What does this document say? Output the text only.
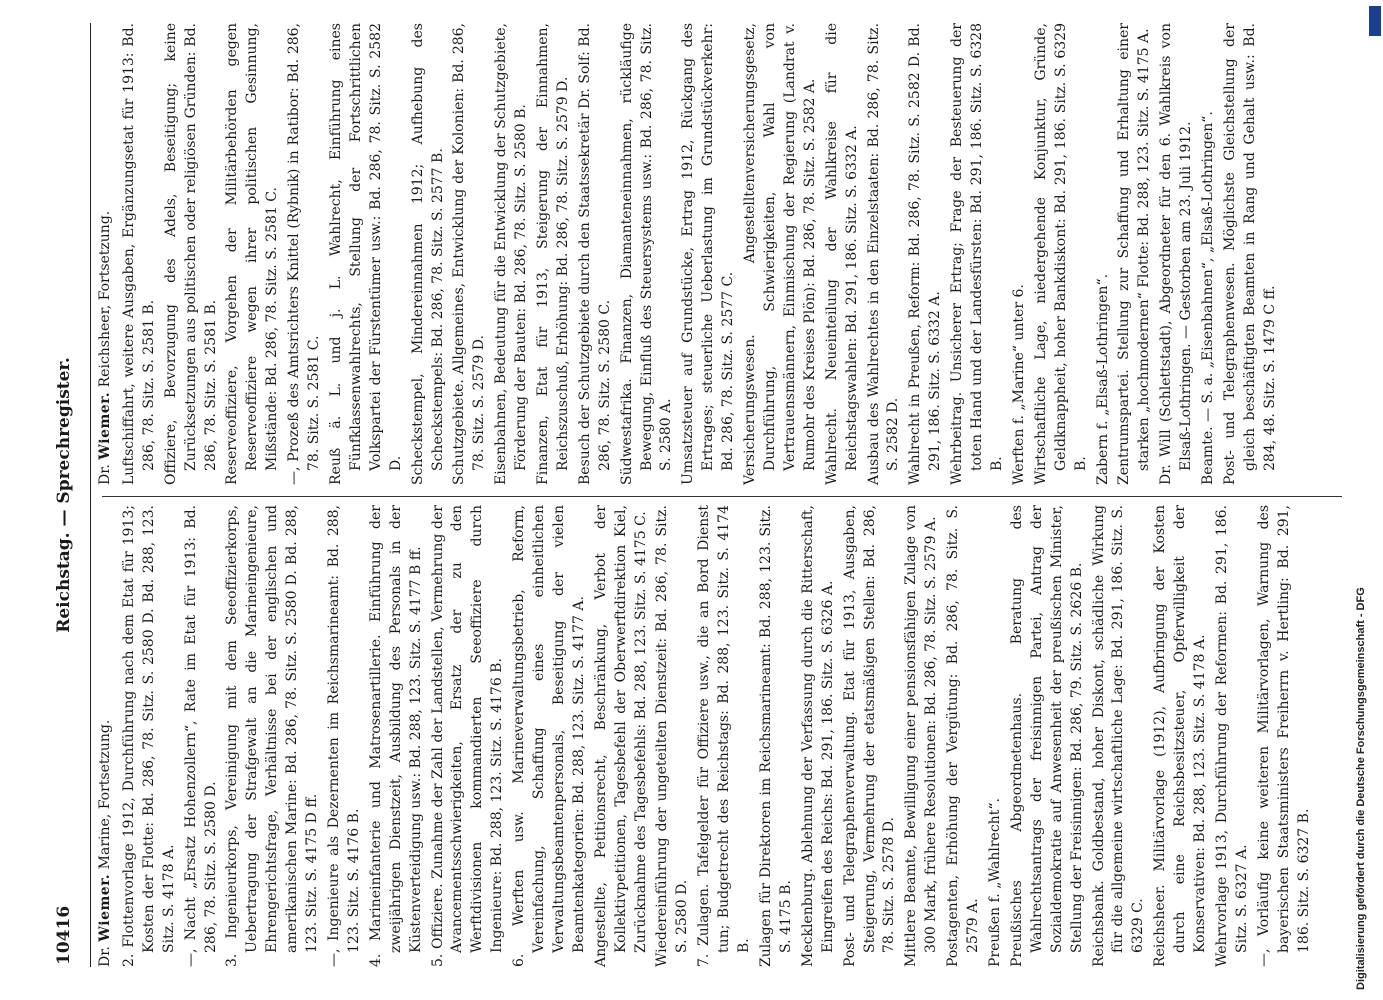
10416
Reichstag. — Sprechregister.
Dr. Wiemer. Marine, Fortsetzung. 2. Flottenvorlage 1912, Durchführung nach dem Etat für 1913; Kosten der Flotte: Bd. 286, 78. Sitz. S. 2580 D. Bd. 288, 123. Sitz. S. 4178 A. —, Nacht „Ersatz Hohenzollern“, Rate im Etat für 1913: Bd. 286, 78. Sitz. S. 2580 D. 3. Ingenieurkorps, Vereinigung mit dem Seeoffizierkorps, Uebertragung der Strafgewalt an die Marineingenieure, Ehrengerichtsfrage, Verhältnisse bei der englischen und amerikanischen Marine: Bd. 286, 78. Sitz. S. 2580 D. Bd. 288, 123. Sitz. S. 4175 D ff. —, Ingenieure als Dezernenten im Reichsmarineamt: Bd. 288, 123. Sitz. S. 4176 B. 4. Marineinfanterie und Matrosenartillerie. Einführung der zweijährigen Dienstzeit, Ausbildung des Personals in der Küstenverteidigung usw.: Bd. 288, 123. Sitz. S. 4177 B ff. 5. Offiziere. Zunahme der Zahl der Landstellen, Vermehrung der Avancementsschwierigkeiten, Ersatz der zu den Werftdivisionen kommandierten Seeoffiziere durch Ingenieure: Bd. 288, 123. Sitz. S. 4176 B. 6. Werften usw. Marineverwaltungsbetrieb, Reform, Vereinfachung, Schaffung eines einheitlichen Verwaltungsbeamtenpersonals, Beseitigung der vielen Beamtenkategorien: Bd. 288, 123. Sitz. S. 4177 A. Angestellte, Petitionsrecht, Beschränkung, Verbot der Kollektivpetitionen, Tagesbefehl der Oberwerftdirektion Kiel, Zurücknahme des Tagesbefehls: Bd. 288, 123. Sitz. S. 4175 C. Wiedereinführung der ungeteilten Dienstzeit: Bd. 286, 78. Sitz. S. 2580 D. 7. Zulagen. Tafelgelder für Offiziere usw., die an Bord Dienst tun; Budgetrecht des Reichstags: Bd. 288, 123. Sitz. S. 4174 B. Zulagen für Direktoren im Reichsmarineamt: Bd. 288, 123. Sitz. S. 4175 B. Mecklenburg. Ablehnung der Verfassung durch die Ritterschaft, Eingreifen des Reichs: Bd. 291, 186. Sitz. S. 6326 A. Post- und Telegraphenverwaltung. Etat für 1913, Ausgaben, Steigerung, Vermehrung der etatsmäßigen Stellen: Bd. 286, 78. Sitz. S. 2578 D. Mittlere Beamte, Bewilligung einer pensionsfähigen Zulage von 300 Mark, frühere Resolutionen: Bd. 286, 78. Sitz. S. 2579 A. Postagenten, Erhöhung der Vergütung: Bd. 286, 78. Sitz. S. 2579 A. Preußen f. „Wahlrecht“. Preußisches Abgeordnetenhaus. Beratung des Wahlrechtsantrags der freisinnigen Partei, Antrag der Sozialdemokratie auf Anwesenheit der preußischen Minister, Stellung der Freisinnigen: Bd. 286, 79. Sitz. S. 2626 B. Reichsbank. Goldbestand, hoher Diskont, schädliche Wirkung für die allgemeine wirtschaftliche Lage: Bd. 291, 186. Sitz. S. 6329 C. Reichsheer. Militärvorlage (1912), Aufbringung der Kosten durch eine Reichsbesitzsteuer, Opferwilligkeit der Konservativen: Bd. 288, 123. Sitz. S. 4178 A. Wehrvorlage 1913, Durchführung der Reformen: Bd. 291, 186. Sitz. S. 6327 A. —, Vorläufig keine weiteren Militärvorlagen, Warnung des bayerischen Staatsministers Freiherrn v. Hertling: Bd. 291, 186. Sitz. S. 6327 B.
Dr. Wiemer. Reichsheer, Fortsetzung. Luftschiffahrt, weitere Ausgaben, Ergänzungsetat für 1913: Bd. 286, 78. Sitz. S. 2581 B. Offiziere, Bevorzugung des Adels, Beseitigung; keine Zurücksetzungen aus politischen oder religiösen Gründen: Bd. 286, 78. Sitz. S. 2581 B. Reserveoffiziere, Vorgehen der Militärbehörden gegen Reserveoffiziere wegen ihrer politischen Gesinnung, Mißstände: Bd. 286, 78. Sitz. S. 2581 C. —, Prozeß des Amtsrichters Knittel (Rybnik) in Ratibor: Bd. 286, 78. Sitz. S. 2581 C. Reuß ä. L. und j. L. Wahlrecht, Einführung eines Fünfklassenwahlrechts, Stellung der Fortschrittlichen Volkspartei der Fürstentümer usw.: Bd. 286, 78. Sitz. S. 2582 D. Scheckstempel, Mindereinnahmen 1912; Aufhebung des Scheckstempels: Bd. 286, 78. Sitz. S. 2577 B. Schutzgebiete. Allgemeines, Entwicklung der Kolonien: Bd. 286, 78. Sitz. S. 2579 D. Eisenbahnen, Bedeutung für die Entwicklung der Schutzgebiete, Förderung der Bauten: Bd. 286, 78. Sitz. S. 2580 B. Finanzen, Etat für 1913, Steigerung der Einnahmen, Reichszuschuß, Erhöhung: Bd. 286, 78. Sitz. S. 2579 D. Besuch der Schutzgebiete durch den Staatssekretär Dr. Solf: Bd. 286, 78. Sitz. S. 2580 C. Südwestafrika. Finanzen, Diamanteneinnahmen, rückläufige Bewegung, Einfluß des Steuersystems usw.: Bd. 286, 78. Sitz. S. 2580 A. Umsatzsteuer auf Grundstücke, Ertrag 1912, Rückgang des Ertrages; steuerliche Ueberlastung im Grundstückverkehr: Bd. 286, 78. Sitz. S. 2577 C. Versicherungswesen. Angestelltenversicherungsgesetz, Durchführung, Schwierigkeiten, Wahl von Vertrauensmännern, Einmischung der Regierung (Landrat v. Rumohr des Kreises Plön): Bd. 286, 78. Sitz. S. 2582 A. Wahlrecht. Neueinteilung der Wahlkreise für die Reichstagswahlen: Bd. 291, 186. Sitz. S. 6332 A. Ausbau des Wahlrechtes in den Einzelstaaten: Bd. 286, 78. Sitz. S. 2582 D. Wahlrecht in Preußen, Reform: Bd. 286, 78. Sitz. S. 2582 D. Bd. 291, 186. Sitz. S. 6332 A. Wehrbeitrag. Unsicherer Ertrag; Frage der Besteuerung der toten Hand und der Landesfürsten: Bd. 291, 186. Sitz. S. 6328 B. Werften f. „Marine“ unter 6. Wirtschaftliche Lage, niedergehende Konjunktur, Gründe, Geldknappheit, hoher Bankdiskont: Bd. 291, 186. Sitz. S. 6329 B. Zabern f. „Elsaß-Lothringen“. Zentrumspartei. Stellung zur Schaffung und Erhaltung einer starken „hochmodernen“ Flotte: Bd. 288, 123. Sitz. S. 4175 A. Dr. Will (Schlettstadt), Abgeordneter für den 6. Wahlkreis von Elsaß-Lothringen. — Gestorben am 23. Juli 1912. Beamte. — S. a. „Eisenbahnen“, „Elsaß-Lothringen“. Post- und Telegraphenwesen. Möglichste Gleichstellung der gleich beschäftigten Beamten in Rang und Gehalt usw.: Bd. 284, 48. Sitz. S. 1479 C ff.
Digitalisierung gefördert durch die Deutsche Forschungsgemeinschaft - DFG
